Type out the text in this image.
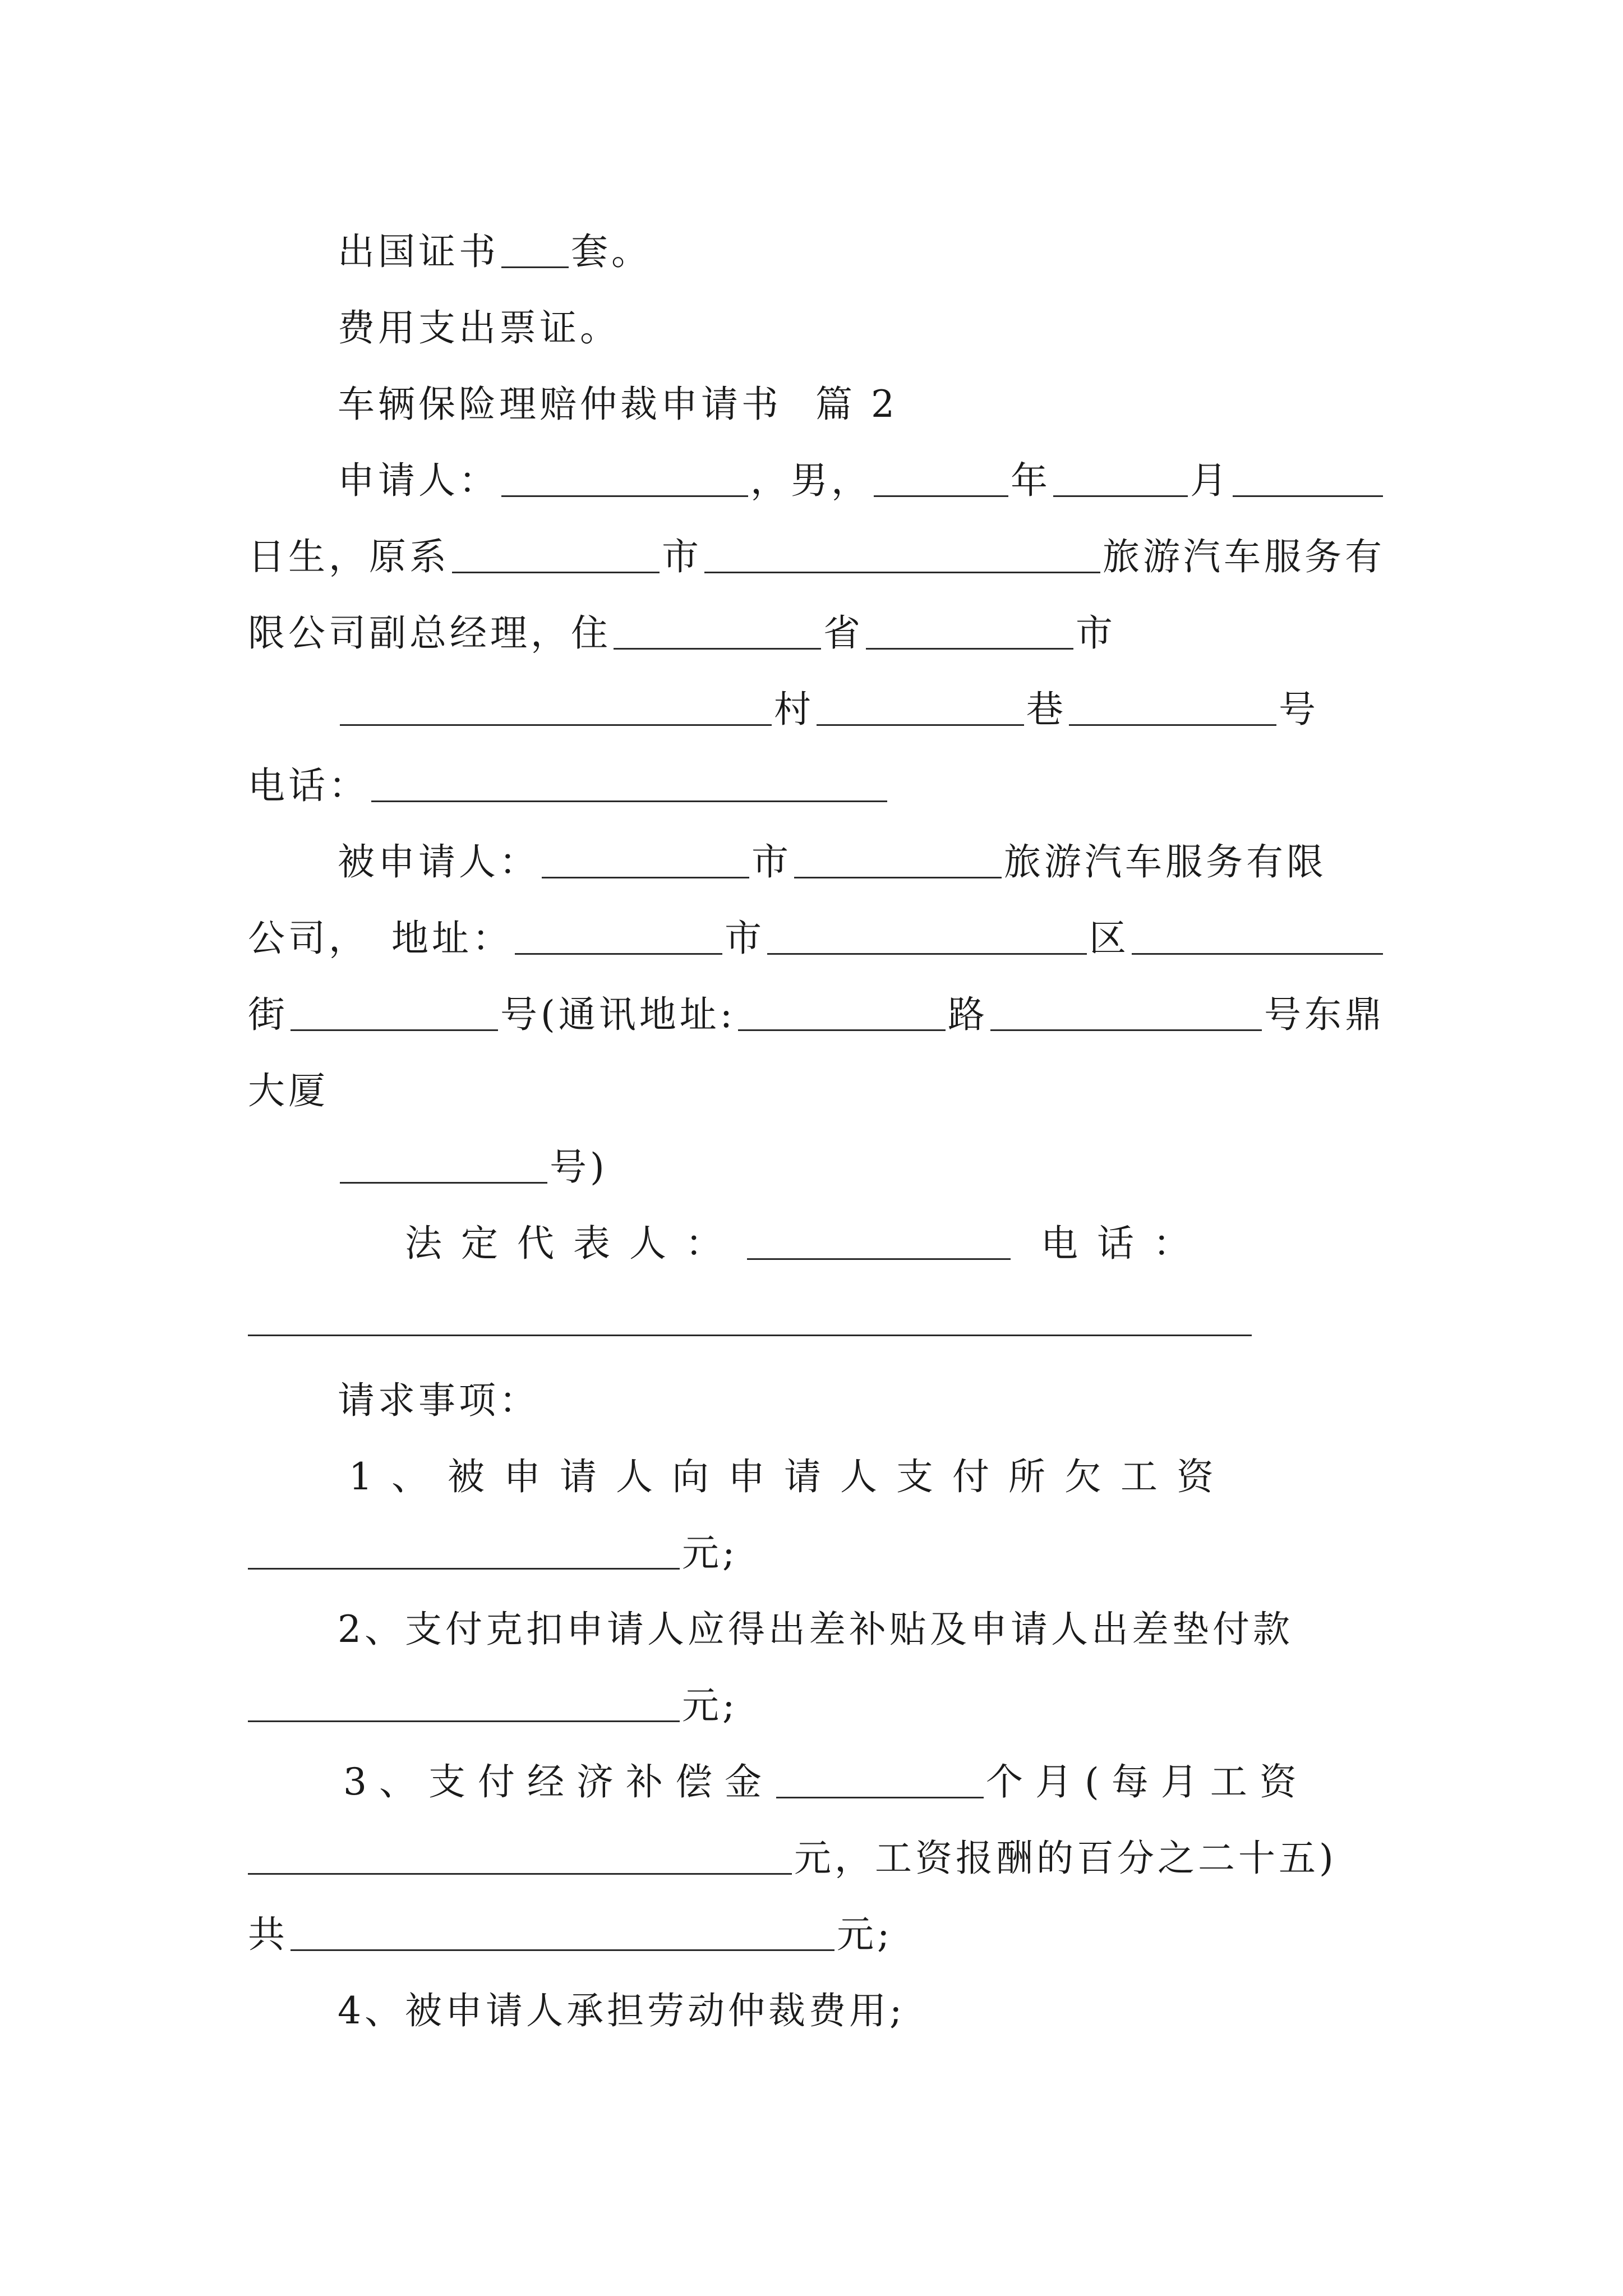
出国证书 套。
费用支出票证。
车辆保险理赔仲裁申请书 篇 2
申请人：	，男，	年	月
日生，原系	市	旅游汽车服务有
限公司副总经理，住	省	市
村	巷	号
电话：
被申请人：	市	旅游汽车服务有限
公司， 地址：	市	区
街	号(通讯地址:	路	号东鼎
大厦
号)
法定代表人：	电话：
请求事项：
1、被申请人向申请人支付所欠工资
元;
2、支付克扣申请人应得出差补贴及申请人出差垫付款
元;
3、支付经济补偿金	个月(每月工资
元，工资报酬的百分之二十五)
共	元;
4、被申请人承担劳动仲裁费用;
